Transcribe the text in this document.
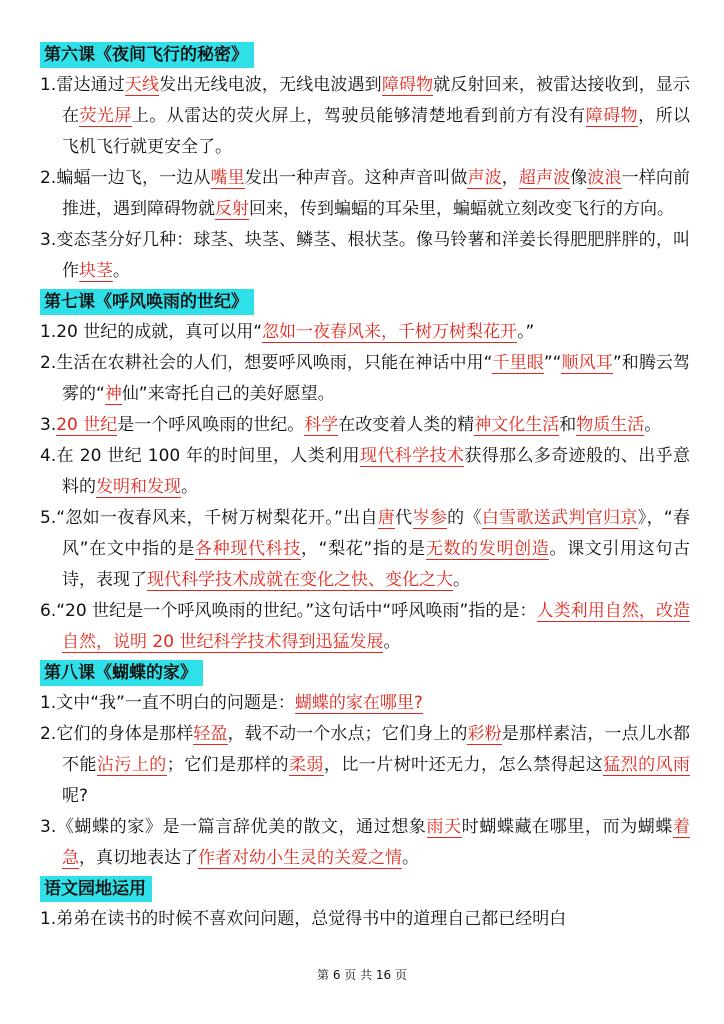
第六课《夜间飞行的秘密》
1.雷达通过天线发出无线电波，无线电波遇到障碍物就反射回来，被雷达接收到，显示在荧光屏上。从雷达的荧火屏上，驾驶员能够清楚地看到前方有没有障碍物，所以飞机飞行就更安全了。
2.蝙蝠一边飞，一边从嘴里发出一种声音。这种声音叫做声波，超声波像波浪一样向前推进，遇到障碍物就反射回来，传到蝙蝠的耳朵里，蝙蝠就立刻改变飞行的方向。
3.变态茎分好几种：球茎、块茎、鳞茎、根状茎。像马铃薯和洋姜长得肥肥胖胖的，叫作块茎。
第七课《呼风唤雨的世纪》
1.20 世纪的成就，真可以用“忽如一夜春风来，千树万树梨花开。”
2.生活在农耕社会的人们，想要呼风唤雨，只能在神话中用“千里眼”“顺风耳”和腾云驾雾的“神仙”来寄托自己的美好愿望。
3.20 世纪是一个呼风唤雨的世纪。科学在改变着人类的精神文化生活和物质生活。
4.在 20 世纪 100 年的时间里，人类利用现代科学技术获得那么多奇迹般的、出乎意料的发明和发现。
5.“忽如一夜春风来，千树万树梨花开。”出自唐代岑参的《白雪歌送武判官归京》，“春风”在文中指的是各种现代科技，“梨花”指的是无数的发明创造。课文引用这句古诗，表现了现代科学技术成就在变化之快、变化之大。
6.“20 世纪是一个呼风唤雨的世纪。”这句话中“呼风唤雨”指的是：人类利用自然，改造自然，说明 20 世纪科学技术得到迅猛发展。
第八课《蝴蝶的家》
1.文中“我”一直不明白的问题是：蝴蝶的家在哪里?
2.它们的身体是那样轻盈，载不动一个水点；它们身上的彩粉是那样素洁，一点儿水都不能沾污上的；它们是那样的柔弱，比一片树叶还无力，怎么禁得起这猛烈的风雨呢?
3.《蝴蝶的家》是一篇言辞优美的散文，通过想象雨天时蝴蝶藏在哪里，而为蝴蝶着急，真切地表达了作者对幼小生灵的关爱之情。
语文园地运用
1.弟弟在读书的时候不喜欢问问题，总觉得书中的道理自己都已经明白
第 6 页 共 16 页
